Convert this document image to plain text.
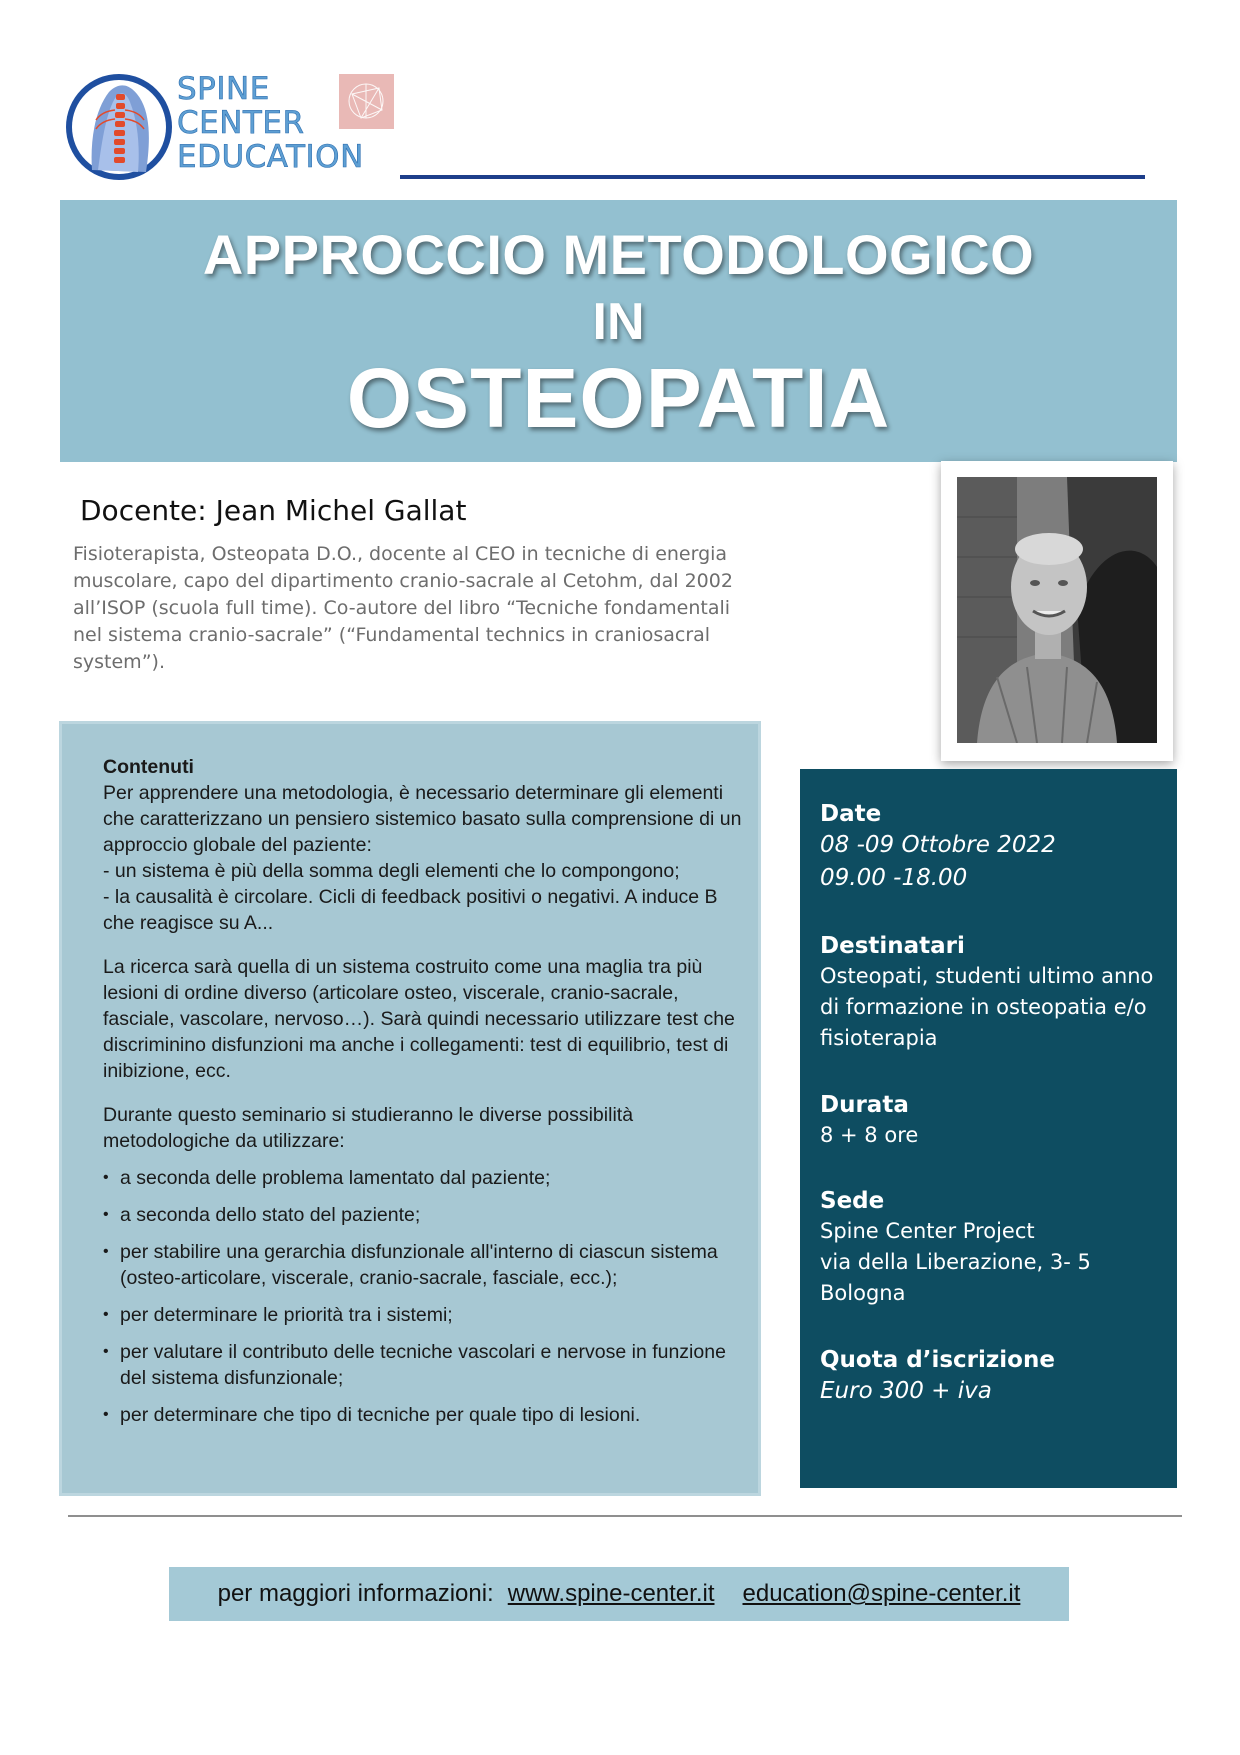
SPINE
CENTER
EDUCATION
APPROCCIO METODOLOGICO
IN
OSTEOPATIA
Docente: Jean Michel Gallat
Fisioterapista, Osteopata D.O., docente al CEO in tecniche di energia muscolare, capo del dipartimento cranio-sacrale al Cetohm, dal 2002 all’ISOP (scuola full time). Co-autore del libro “Tecniche fondamentali nel sistema cranio-sacrale” (“Fundamental technics in craniosacral system”).
Contenuti

Per apprendere una metodologia, è necessario determinare gli elementi che caratterizzano un pensiero sistemico basato sulla comprensione di un approccio globale del paziente:

- un sistema è più della somma degli elementi che lo compongono;

- la causalità è circolare. Cicli di feedback positivi o negativi. A induce B che reagisce su A...

La ricerca sarà quella di un sistema costruito come una maglia tra più lesioni di ordine diverso (articolare osteo, viscerale, cranio-sacrale, fasciale, vascolare, nervoso…). Sarà quindi necessario utilizzare test che discriminino disfunzioni ma anche i collegamenti: test di equilibrio, test di inibizione, ecc.

Durante questo seminario si studieranno le diverse possibilità metodologiche da utilizzare:

• a seconda delle problema lamentato dal paziente;
• a seconda dello stato del paziente;
• per stabilire una gerarchia disfunzionale all'interno di ciascun sistema (osteo-articolare, viscerale, cranio-sacrale, fasciale, ecc.);
• per determinare le priorità tra i sistemi;
• per valutare il contributo delle tecniche vascolari e nervose in funzione del sistema disfunzionale;
• per determinare che tipo di tecniche per quale tipo di lesioni.
Date
08 -09 Ottobre 2022
09.00 -18.00
Destinatari
Osteopati, studenti ultimo anno di formazione in osteopatia e/o fisioterapia
Durata
8 + 8 ore
Sede
Spine Center Project
via della Liberazione, 3- 5
Bologna
Quota d’iscrizione
Euro 300 + iva
per maggiori informazioni: www.spine-center.it education@spine-center.it
